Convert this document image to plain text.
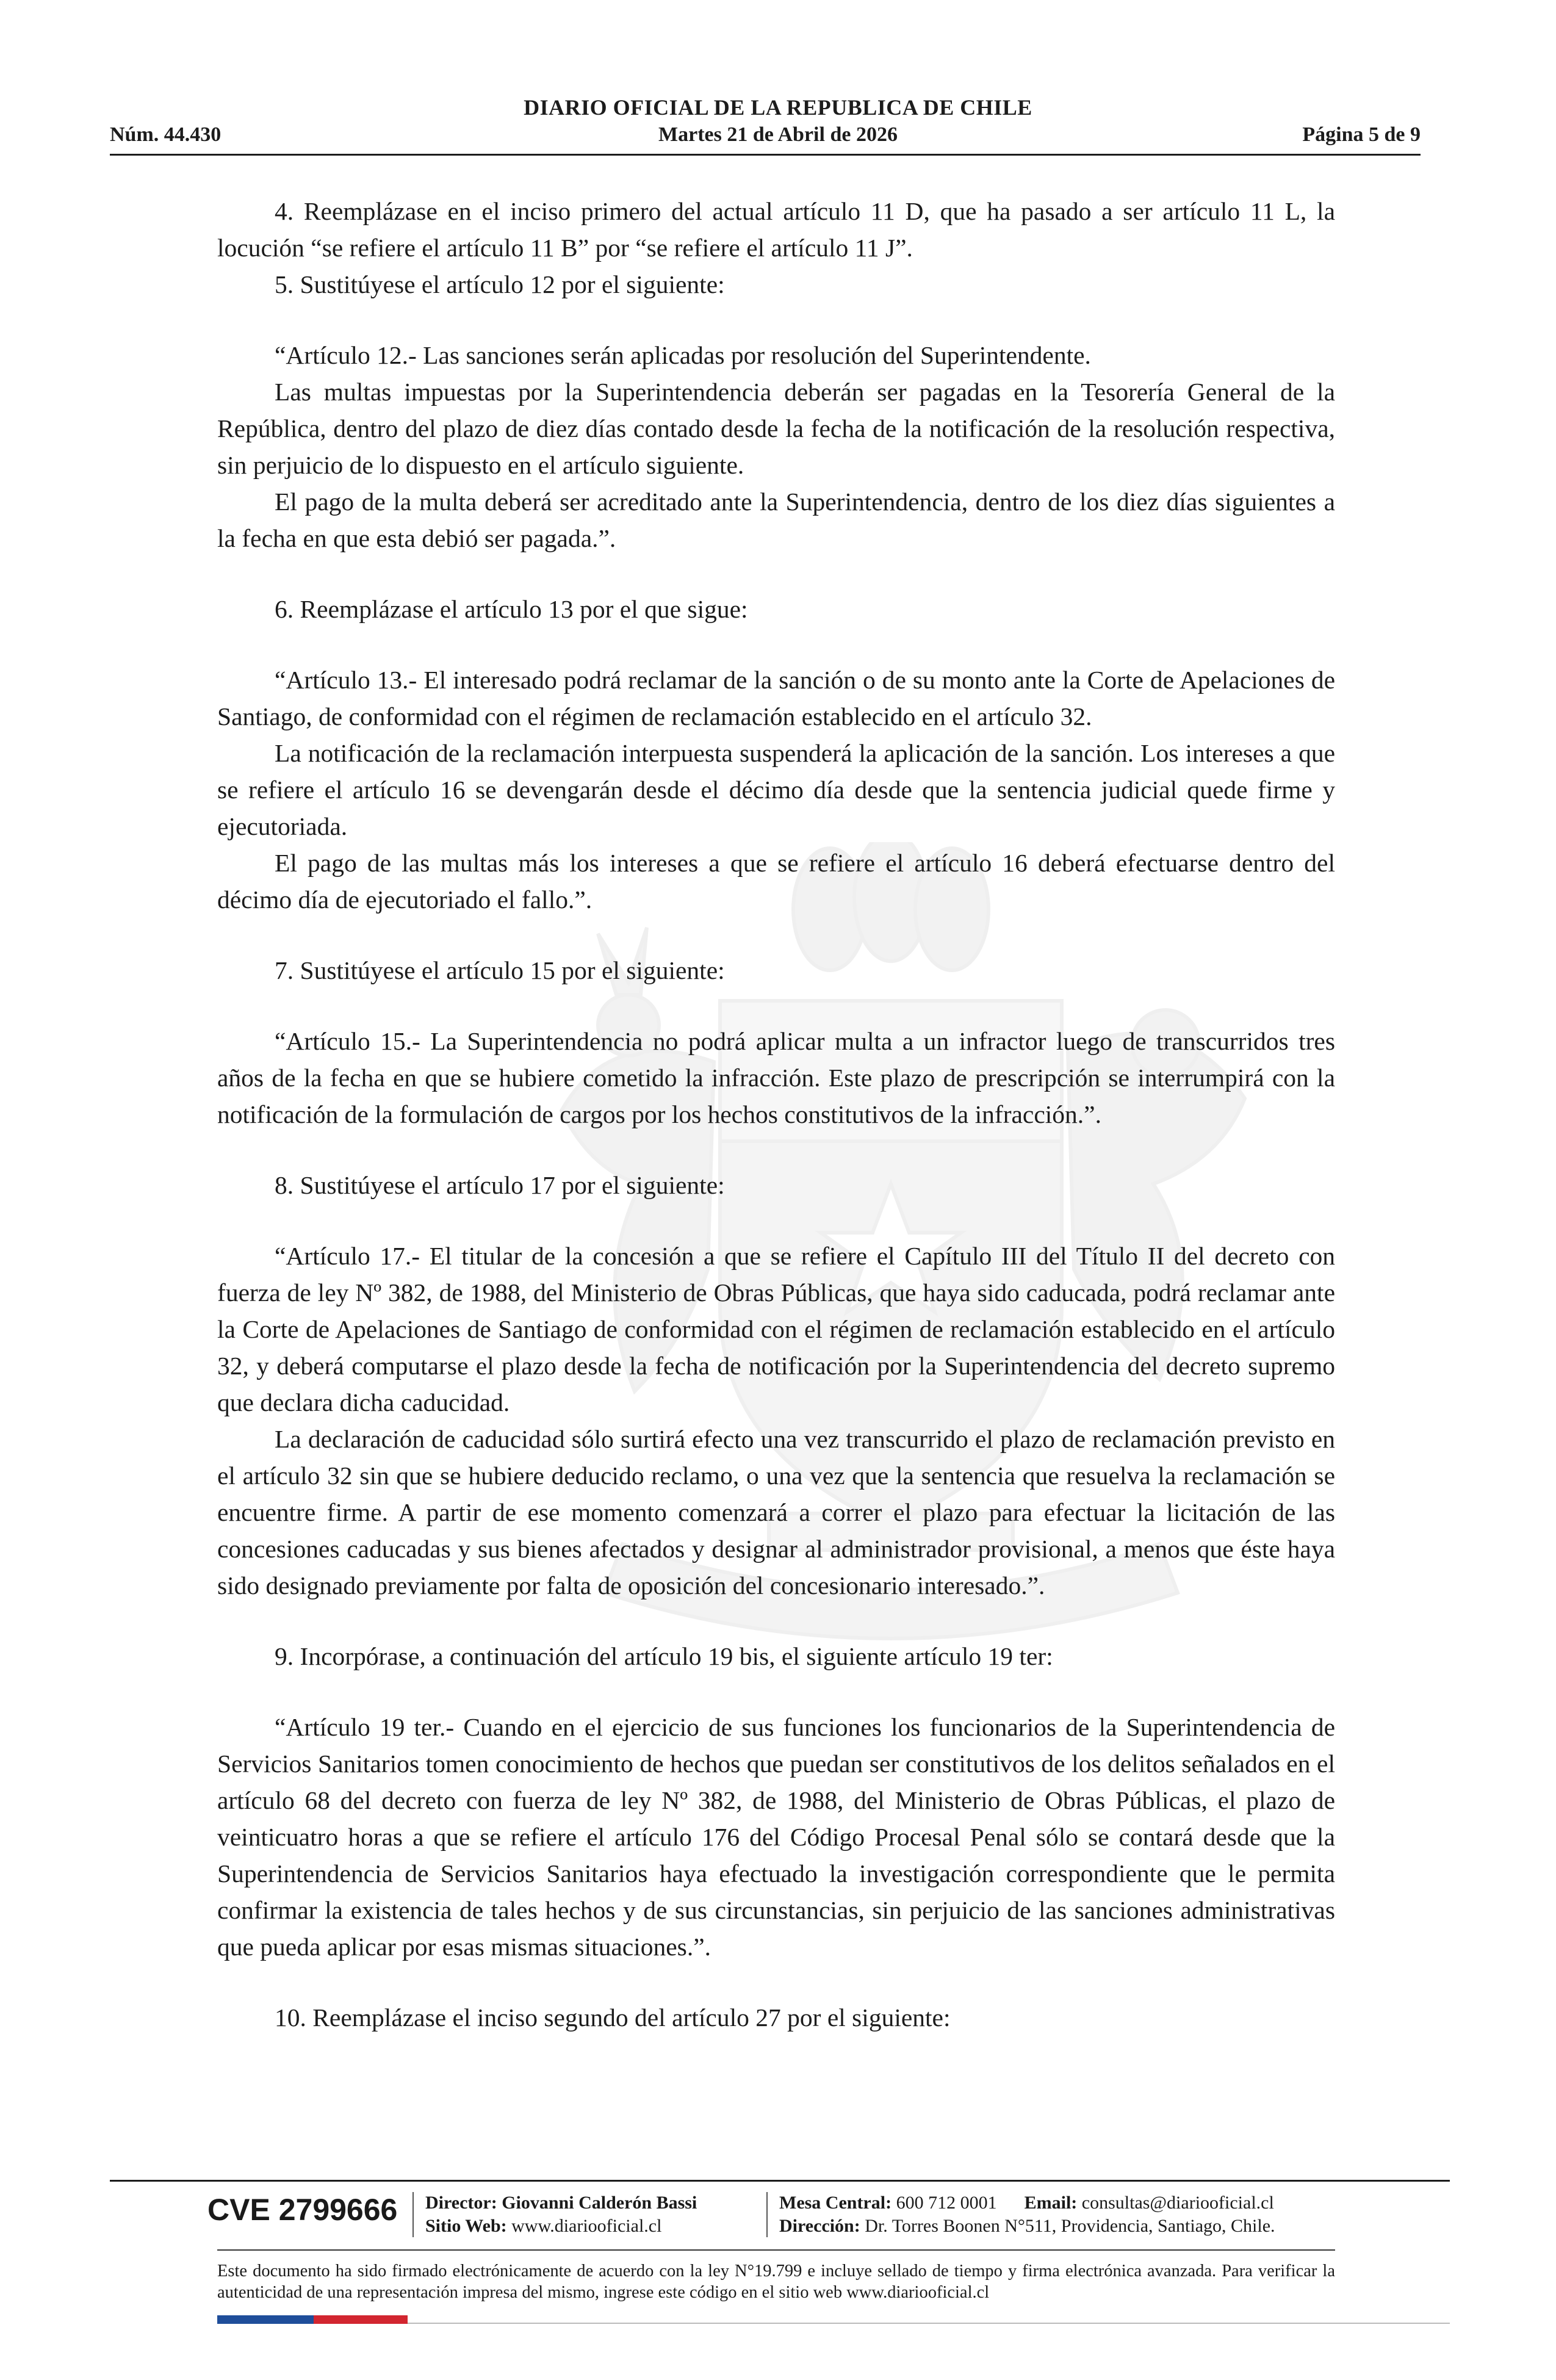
DIARIO OFICIAL DE LA REPUBLICA DE CHILE
Núm. 44.430	Martes 21 de Abril de 2026	Página 5 de 9

4. Reemplázase en el inciso primero del actual artículo 11 D, que ha pasado a ser artículo 11 L, la locución “se refiere el artículo 11 B” por “se refiere el artículo 11 J”.

5. Sustitúyese el artículo 12 por el siguiente:

“Artículo 12.- Las sanciones serán aplicadas por resolución del Superintendente.

Las multas impuestas por la Superintendencia deberán ser pagadas en la Tesorería General de la República, dentro del plazo de diez días contado desde la fecha de la notificación de la resolución respectiva, sin perjuicio de lo dispuesto en el artículo siguiente.

El pago de la multa deberá ser acreditado ante la Superintendencia, dentro de los diez días siguientes a la fecha en que esta debió ser pagada.”.

6. Reemplázase el artículo 13 por el que sigue:

“Artículo 13.- El interesado podrá reclamar de la sanción o de su monto ante la Corte de Apelaciones de Santiago, de conformidad con el régimen de reclamación establecido en el artículo 32.

La notificación de la reclamación interpuesta suspenderá la aplicación de la sanción. Los intereses a que se refiere el artículo 16 se devengarán desde el décimo día desde que la sentencia judicial quede firme y ejecutoriada.

El pago de las multas más los intereses a que se refiere el artículo 16 deberá efectuarse dentro del décimo día de ejecutoriado el fallo.”.

7. Sustitúyese el artículo 15 por el siguiente:

“Artículo 15.- La Superintendencia no podrá aplicar multa a un infractor luego de transcurridos tres años de la fecha en que se hubiere cometido la infracción. Este plazo de prescripción se interrumpirá con la notificación de la formulación de cargos por los hechos constitutivos de la infracción.”.

8. Sustitúyese el artículo 17 por el siguiente:

“Artículo 17.- El titular de la concesión a que se refiere el Capítulo III del Título II del decreto con fuerza de ley Nº 382, de 1988, del Ministerio de Obras Públicas, que haya sido caducada, podrá reclamar ante la Corte de Apelaciones de Santiago de conformidad con el régimen de reclamación establecido en el artículo 32, y deberá computarse el plazo desde la fecha de notificación por la Superintendencia del decreto supremo que declara dicha caducidad.

La declaración de caducidad sólo surtirá efecto una vez transcurrido el plazo de reclamación previsto en el artículo 32 sin que se hubiere deducido reclamo, o una vez que la sentencia que resuelva la reclamación se encuentre firme. A partir de ese momento comenzará a correr el plazo para efectuar la licitación de las concesiones caducadas y sus bienes afectados y designar al administrador provisional, a menos que éste haya sido designado previamente por falta de oposición del concesionario interesado.”.

9. Incorpórase, a continuación del artículo 19 bis, el siguiente artículo 19 ter:

“Artículo 19 ter.- Cuando en el ejercicio de sus funciones los funcionarios de la Superintendencia de Servicios Sanitarios tomen conocimiento de hechos que puedan ser constitutivos de los delitos señalados en el artículo 68 del decreto con fuerza de ley Nº 382, de 1988, del Ministerio de Obras Públicas, el plazo de veinticuatro horas a que se refiere el artículo 176 del Código Procesal Penal sólo se contará desde que la Superintendencia de Servicios Sanitarios haya efectuado la investigación correspondiente que le permita confirmar la existencia de tales hechos y de sus circunstancias, sin perjuicio de las sanciones administrativas que pueda aplicar por esas mismas situaciones.”.

10. Reemplázase el inciso segundo del artículo 27 por el siguiente:

CVE 2799666 Director: Giovanni Calderón Bassi
Sitio Web: www.diariooficial.cl
Mesa Central: 600 712 0001 Email: consultas@diariooficial.cl
Dirección: Dr. Torres Boonen N°511, Providencia, Santiago, Chile.
Este documento ha sido firmado electrónicamente de acuerdo con la ley N°19.799 e incluye sellado de tiempo y firma electrónica avanzada. Para verificar la autenticidad de una representación impresa del mismo, ingrese este código en el sitio web www.diariooficial.cl
